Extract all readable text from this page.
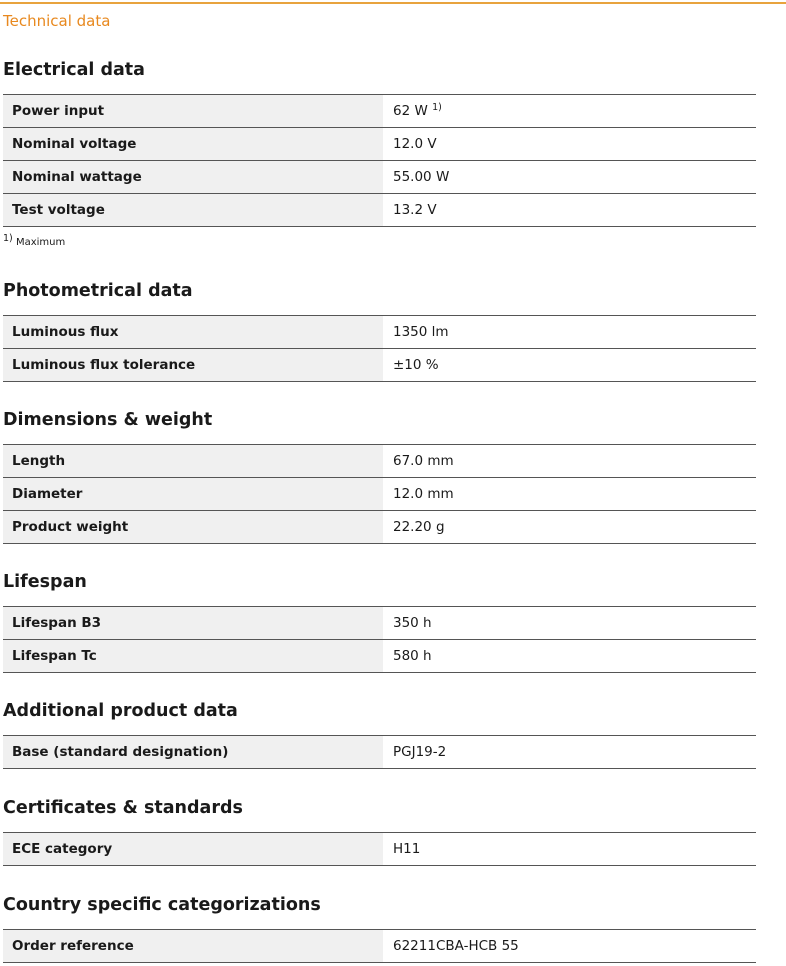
Technical data
Electrical data
Power input	62 W $^{1)}$
Nominal voltage	12.0 V
Nominal wattage	55.00 W
Test voltage	13.2 V
$^{1)}$ Maximum
Photometrical data
Luminous flux	1350 lm
Luminous flux tolerance	±10 %
Dimensions & weight
Length	67.0 mm
Diameter	12.0 mm
Product weight	22.20 g
Lifespan
Lifespan B3	350 h
Lifespan Tc	580 h
Additional product data
Base (standard designation)	PGJ19-2
Certificates & standards
ECE category	H11
Country specific categorizations
Order reference	62211CBA-HCB 55
